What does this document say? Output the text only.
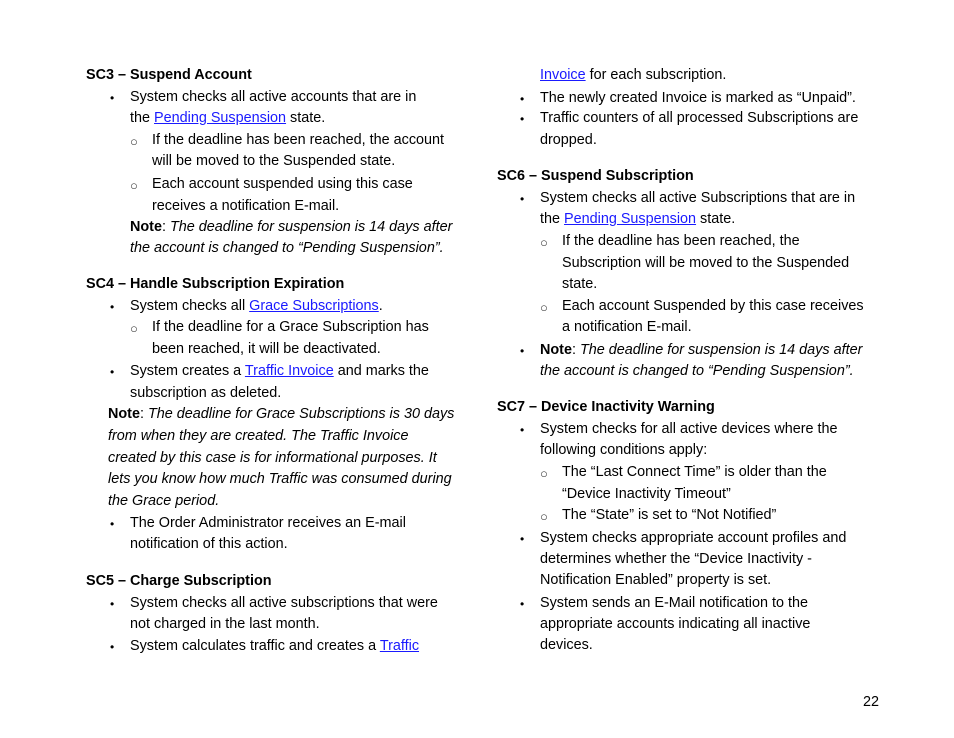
SC3 – Suspend Account
• System checks all active accounts that are in
the Pending Suspension state.
○ If the deadline has been reached, the account
will be moved to the Suspended state.
○ Each account suspended using this case
receives a notification E-mail.
Note: The deadline for suspension is 14 days after
the account is changed to “Pending Suspension”.
SC4 – Handle Subscription Expiration
• System checks all Grace Subscriptions.
○ If the deadline for a Grace Subscription has
been reached, it will be deactivated.
• System creates a Traffic Invoice and marks the
subscription as deleted.
Note: The deadline for Grace Subscriptions is 30 days
from when they are created. The Traffic Invoice
created by this case is for informational purposes. It
lets you know how much Traffic was consumed during
the Grace period.
• The Order Administrator receives an E-mail
notification of this action.
SC5 – Charge Subscription
• System checks all active subscriptions that were
not charged in the last month.
• System calculates traffic and creates a Traffic
Invoice for each subscription.
• The newly created Invoice is marked as “Unpaid”.
• Traffic counters of all processed Subscriptions are
dropped.
SC6 – Suspend Subscription
• System checks all active Subscriptions that are in
the Pending Suspension state.
○ If the deadline has been reached, the
Subscription will be moved to the Suspended
state.
○ Each account Suspended by this case receives
a notification E-mail.
• Note: The deadline for suspension is 14 days after
the account is changed to “Pending Suspension”.
SC7 – Device Inactivity Warning
• System checks for all active devices where the
following conditions apply:
○ The “Last Connect Time” is older than the
“Device Inactivity Timeout”
○ The “State” is set to “Not Notified”
• System checks appropriate account profiles and
determines whether the “Device Inactivity -
Notification Enabled” property is set.
• System sends an E-Mail notification to the
appropriate accounts indicating all inactive
devices.
22
